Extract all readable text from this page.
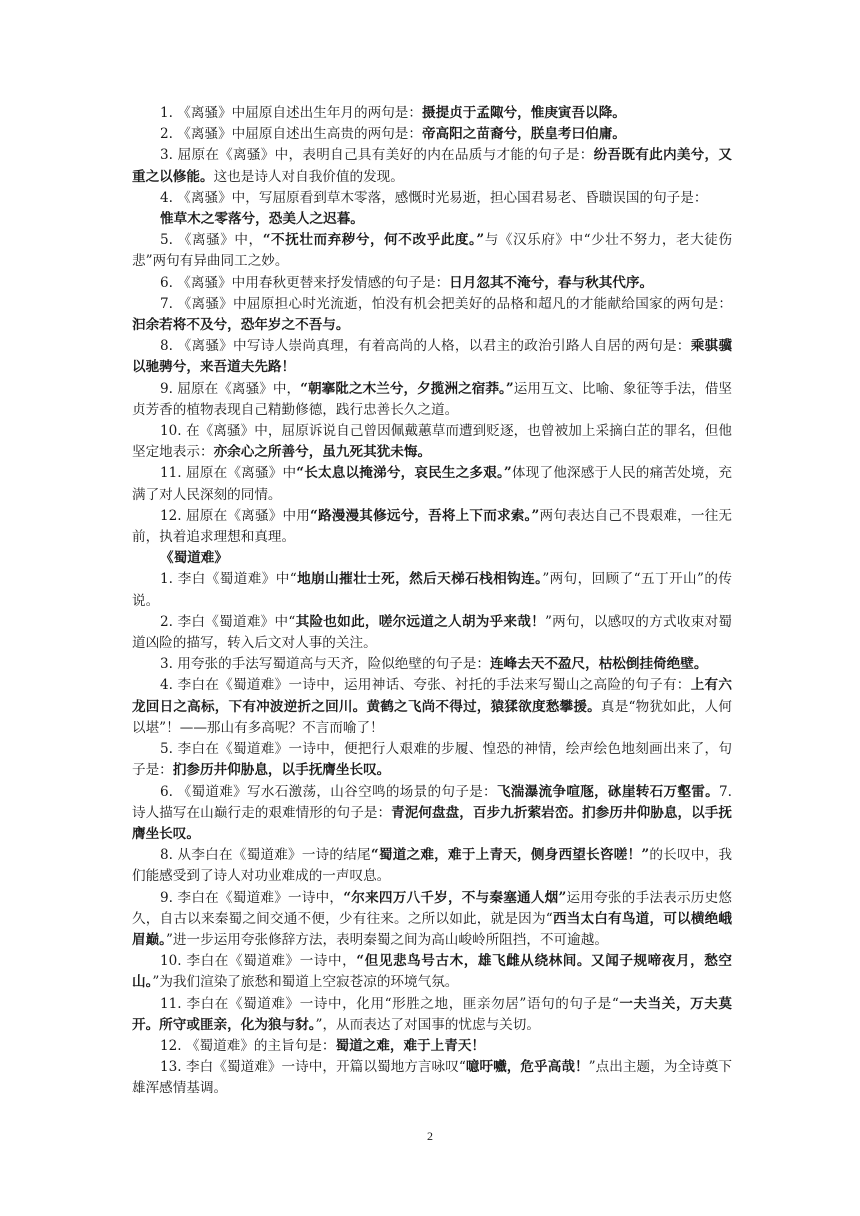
1. 《离骚》中屈原自述出生年月的两句是：摄提贞于孟陬兮，惟庚寅吾以降。

2. 《离骚》中屈原自述出生高贵的两句是：帝高阳之苗裔兮，朕皇考曰伯庸。

3. 屈原在《离骚》中，表明自己具有美好的内在品质与才能的句子是：纷吾既有此内美兮，又重之以修能。这也是诗人对自我价值的发现。

4. 《离骚》中，写屈原看到草木零落，感慨时光易逝，担心国君易老、昏聩误国的句子是：

惟草木之零落兮，恐美人之迟暮。

5. 《离骚》中，“不抚壮而弃秽兮，何不改乎此度。”与《汉乐府》中“少壮不努力，老大徒伤悲”两句有异曲同工之妙。

6. 《离骚》中用春秋更替来抒发情感的句子是：日月忽其不淹兮，春与秋其代序。

7. 《离骚》中屈原担心时光流逝，怕没有机会把美好的品格和超凡的才能献给国家的两句是：汩余若将不及兮，恐年岁之不吾与。

8. 《离骚》中写诗人崇尚真理，有着高尚的人格，以君主的政治引路人自居的两句是：乘骐骥以驰骋兮，来吾道夫先路！

9. 屈原在《离骚》中，“朝搴阰之木兰兮，夕揽洲之宿莽。”运用互文、比喻、象征等手法，借坚贞芳香的植物表现自己精勤修德，践行忠善长久之道。

10. 在《离骚》中，屈原诉说自己曾因佩戴蕙草而遭到贬逐，也曾被加上采摘白芷的罪名，但他坚定地表示：亦余心之所善兮，虽九死其犹未悔。

11. 屈原在《离骚》中“长太息以掩涕兮，哀民生之多艰。”体现了他深感于人民的痛苦处境，充满了对人民深刻的同情。

12. 屈原在《离骚》中用“路漫漫其修远兮，吾将上下而求索。”两句表达自己不畏艰难，一往无前，执着追求理想和真理。

《蜀道难》

1. 李白《蜀道难》中“地崩山摧壮士死，然后天梯石栈相钩连。”两句，回顾了“五丁开山”的传说。

2. 李白《蜀道难》中“其险也如此，嗟尔远道之人胡为乎来哉！”两句，以感叹的方式收束对蜀道凶险的描写，转入后文对人事的关注。

3. 用夸张的手法写蜀道高与天齐，险似绝壁的句子是：连峰去天不盈尺，枯松倒挂倚绝壁。

4. 李白在《蜀道难》一诗中，运用神话、夸张、衬托的手法来写蜀山之高险的句子有：上有六龙回日之高标，下有冲波逆折之回川。黄鹤之飞尚不得过，猿猱欲度愁攀援。真是“物犹如此，人何以堪”！——那山有多高呢？不言而喻了！

5. 李白在《蜀道难》一诗中，便把行人艰难的步履、惶恐的神情，绘声绘色地刻画出来了，句子是：扪参历井仰胁息，以手抚膺坐长叹。

6. 《蜀道难》写水石激荡，山谷空鸣的场景的句子是：飞湍瀑流争喧豗，砯崖转石万壑雷。7. 诗人描写在山巅行走的艰难情形的句子是：青泥何盘盘，百步九折萦岩峦。扪参历井仰胁息，以手抚膺坐长叹。

8. 从李白在《蜀道难》一诗的结尾“蜀道之难，难于上青天，侧身西望长咨嗟！”的长叹中，我们能感受到了诗人对功业难成的一声叹息。

9. 李白在《蜀道难》一诗中，“尔来四万八千岁，不与秦塞通人烟”运用夸张的手法表示历史悠久，自古以来秦蜀之间交通不便，少有往来。之所以如此，就是因为“西当太白有鸟道，可以横绝峨眉巅。”进一步运用夸张修辞方法，表明秦蜀之间为高山峻岭所阻挡，不可逾越。

10. 李白在《蜀道难》一诗中，“但见悲鸟号古木，雄飞雌从绕林间。又闻子规啼夜月，愁空山。”为我们渲染了旅愁和蜀道上空寂苍凉的环境气氛。

11. 李白在《蜀道难》一诗中，化用“形胜之地，匪亲勿居”语句的句子是“一夫当关，万夫莫开。所守或匪亲，化为狼与豺。”，从而表达了对国事的忧虑与关切。

12. 《蜀道难》的主旨句是：蜀道之难，难于上青天！

13. 李白《蜀道难》一诗中，开篇以蜀地方言咏叹“噫吁嚱，危乎高哉！”点出主题，为全诗奠下雄浑感情基调。

2
